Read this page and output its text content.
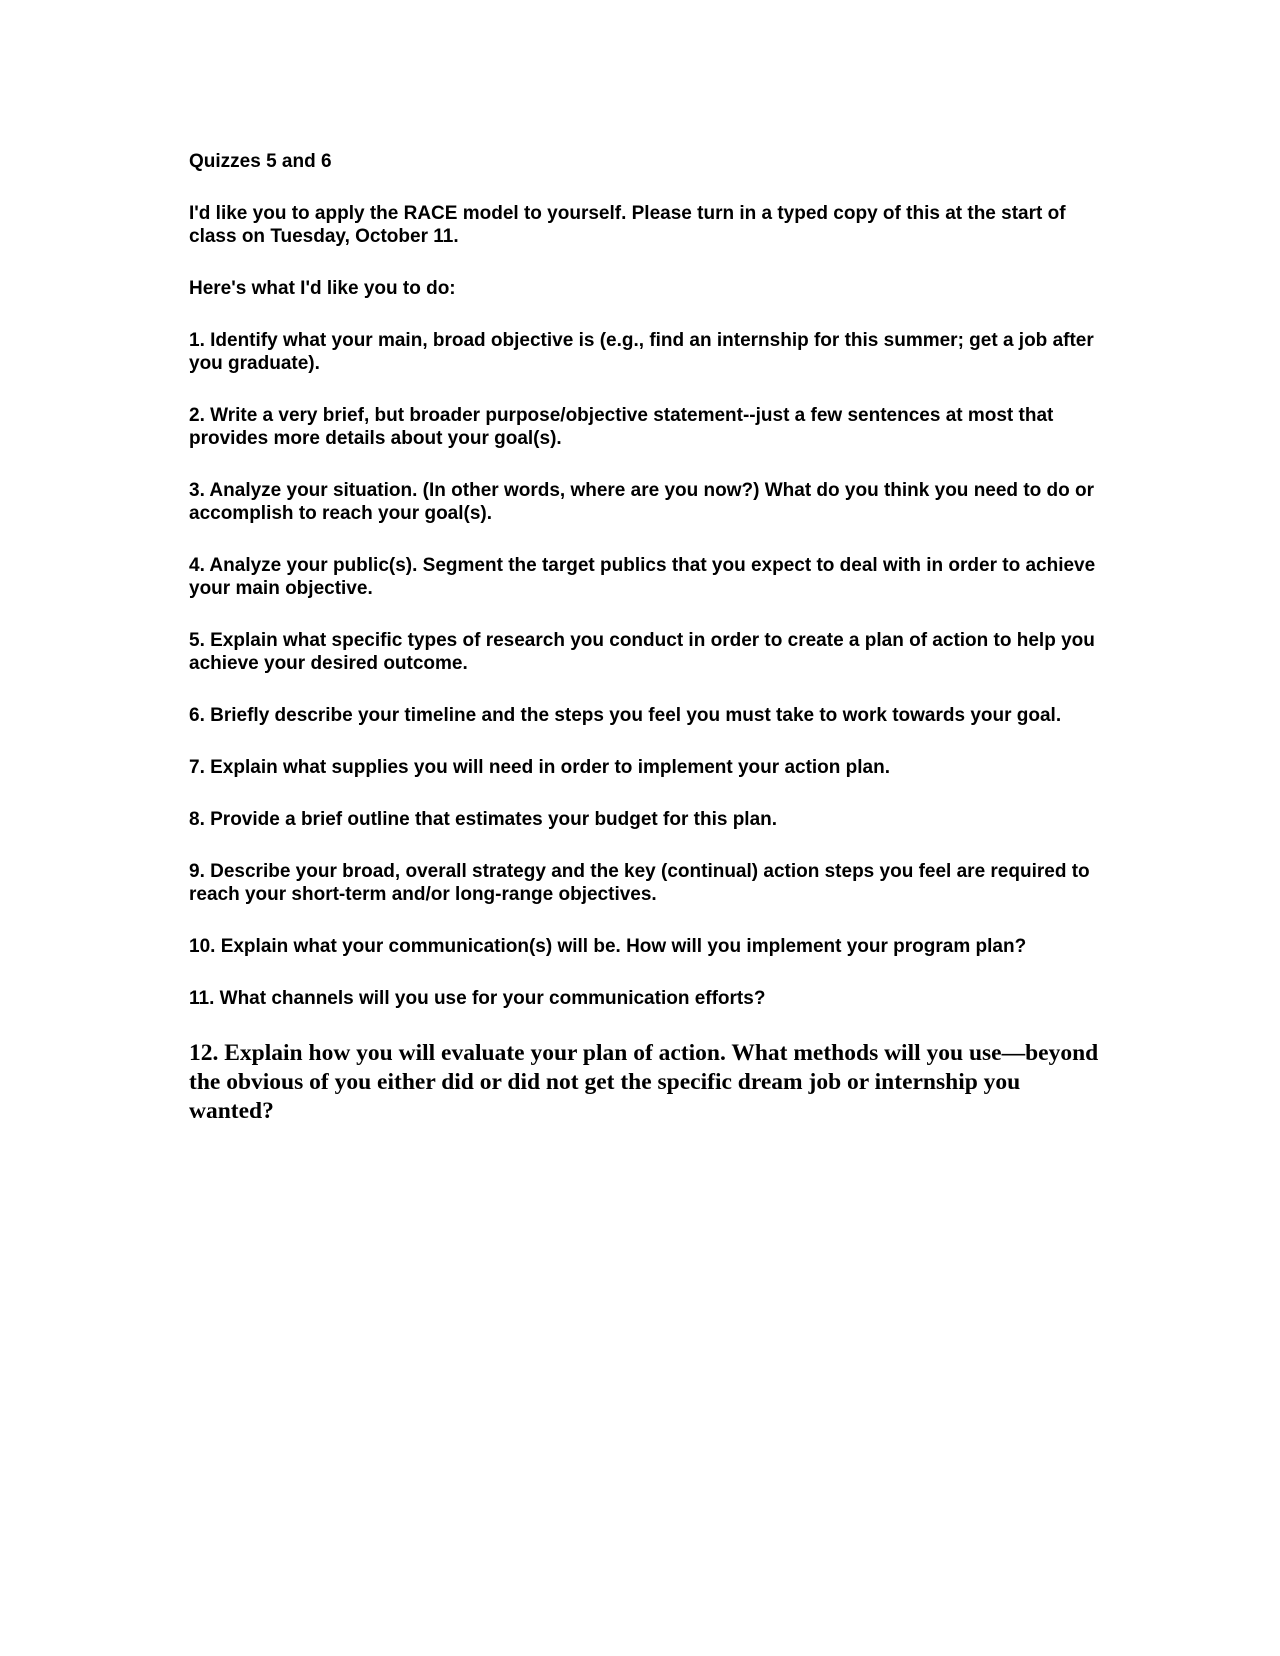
Quizzes 5 and 6

I'd like you to apply the RACE model to yourself. Please turn in a typed copy of this at the start of class on Tuesday, October 11.

Here's what I'd like you to do:

1. Identify what your main, broad objective is (e.g., find an internship for this summer; get a job after you graduate).

2. Write a very brief, but broader purpose/objective statement--just a few sentences at most that provides more details about your goal(s).

3. Analyze your situation. (In other words, where are you now?) What do you think you need to do or accomplish to reach your goal(s).

4. Analyze your public(s). Segment the target publics that you expect to deal with in order to achieve your main objective.

5. Explain what specific types of research you conduct in order to create a plan of action to help you achieve your desired outcome.

6. Briefly describe your timeline and the steps you feel you must take to work towards your goal.

7. Explain what supplies you will need in order to implement your action plan.

8. Provide a brief outline that estimates your budget for this plan.

9. Describe your broad, overall strategy and the key (continual) action steps you feel are required to reach your short-term and/or long-range objectives.

10. Explain what your communication(s) will be. How will you implement your program plan?

11. What channels will you use for your communication efforts?

12. Explain how you will evaluate your plan of action. What methods will you use—beyond the obvious of you either did or did not get the specific dream job or internship you wanted?
